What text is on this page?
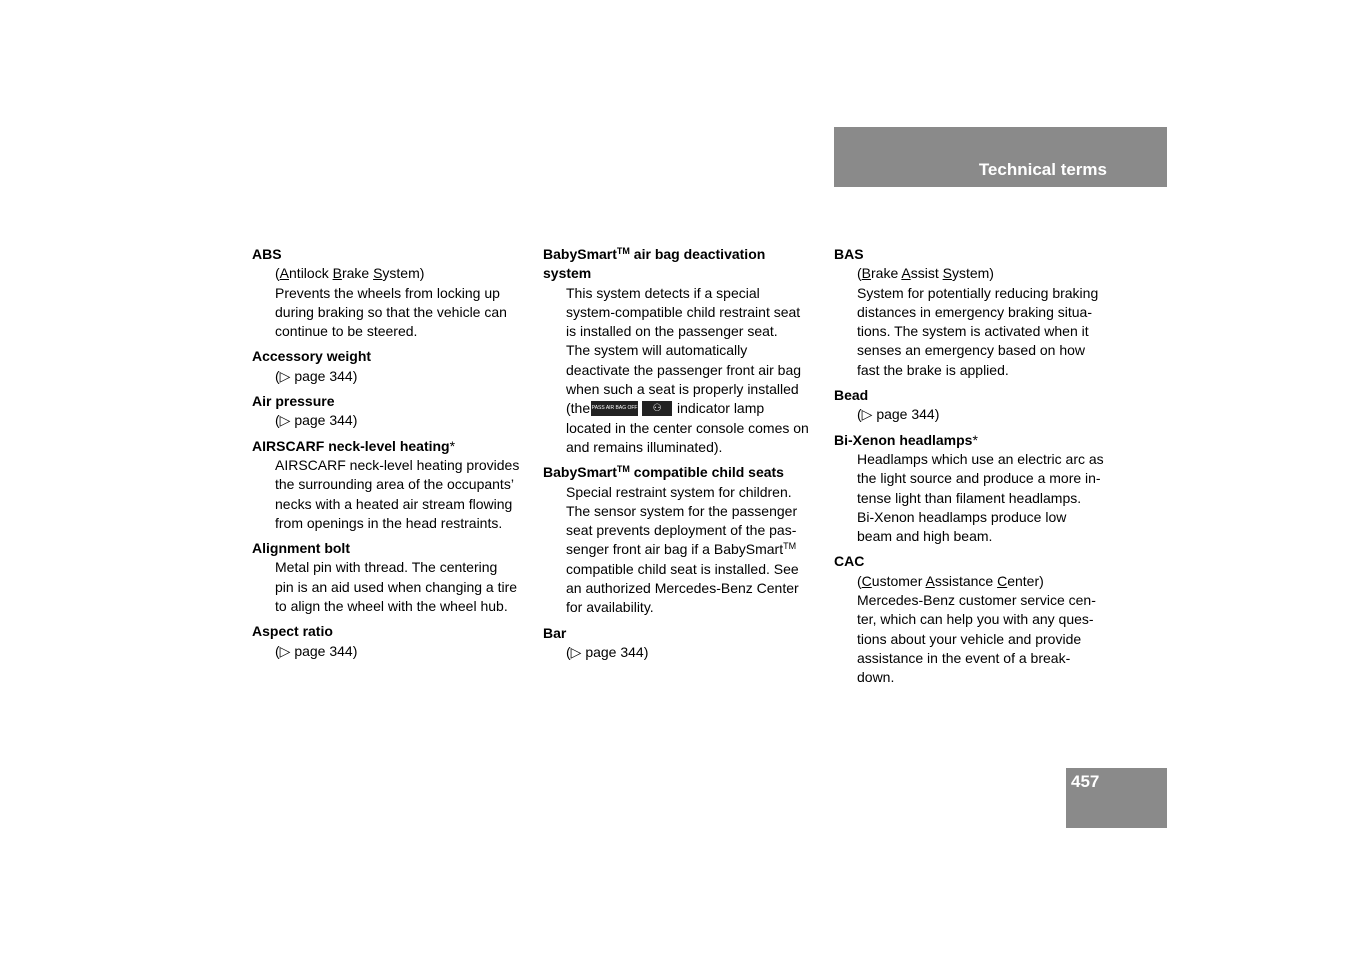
Technical terms
ABS
(Antilock Brake System)
Prevents the wheels from locking up
during braking so that the vehicle can
continue to be steered.
Accessory weight
(▷ page 344)
Air pressure
(▷ page 344)
AIRSCARF neck-level heating*
AIRSCARF neck-level heating provides
the surrounding area of the occupants’
necks with a heated air stream flowing
from openings in the head restraints.
Alignment bolt
Metal pin with thread. The centering
pin is an aid used when changing a tire
to align the wheel with the wheel hub.
Aspect ratio
(▷ page 344)
BabySmart™ air bag deactivation
system
This system detects if a special
system-compatible child restraint seat
is installed on the passenger seat.
The system will automatically
deactivate the passenger front air bag
when such a seat is properly installed
(the PASS AIR BAG OFF ⚇ indicator lamp
located in the center console comes on
and remains illuminated).
BabySmart™ compatible child seats
Special restraint system for children.
The sensor system for the passenger
seat prevents deployment of the pas-
senger front air bag if a BabySmart™
compatible child seat is installed. See
an authorized Mercedes-Benz Center
for availability.
Bar
(▷ page 344)
BAS
(Brake Assist System)
System for potentially reducing braking
distances in emergency braking situa-
tions. The system is activated when it
senses an emergency based on how
fast the brake is applied.
Bead
(▷ page 344)
Bi-Xenon headlamps*
Headlamps which use an electric arc as
the light source and produce a more in-
tense light than filament headlamps.
Bi-Xenon headlamps produce low
beam and high beam.
CAC
(Customer Assistance Center)
Mercedes-Benz customer service cen-
ter, which can help you with any ques-
tions about your vehicle and provide
assistance in the event of a break-
down.
457
